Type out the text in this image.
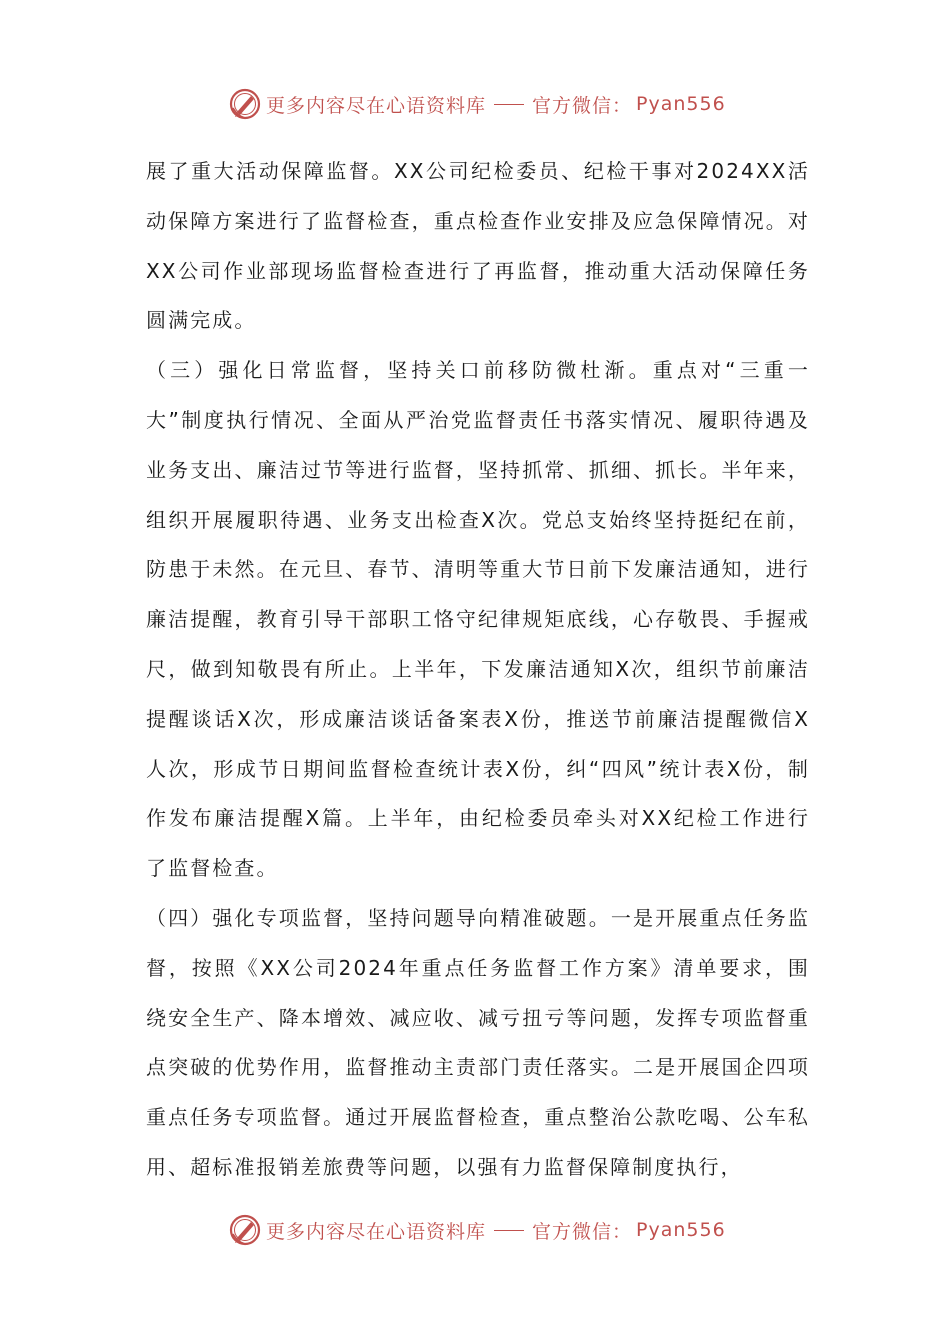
更多内容尽在心语资料库 官方微信： Pyan556

展了重大活动保障监督。XX公司纪检委员、纪检干事对2024XX活动保障方案进行了监督检查，重点检查作业安排及应急保障情况。对XX公司作业部现场监督检查进行了再监督，推动重大活动保障任务圆满完成。

（三）强化日常监督，坚持关口前移防微杜渐。重点对“三重一大”制度执行情况、全面从严治党监督责任书落实情况、履职待遇及业务支出、廉洁过节等进行监督，坚持抓常、抓细、抓长。半年来，组织开展履职待遇、业务支出检查X次。党总支始终坚持挺纪在前，防患于未然。在元旦、春节、清明等重大节日前下发廉洁通知，进行廉洁提醒，教育引导干部职工恪守纪律规矩底线，心存敬畏、手握戒尺，做到知敬畏有所止。上半年，下发廉洁通知X次，组织节前廉洁提醒谈话X次，形成廉洁谈话备案表X份，推送节前廉洁提醒微信X人次，形成节日期间监督检查统计表X份，纠“四风”统计表X份，制作发布廉洁提醒X篇。上半年，由纪检委员牵头对XX纪检工作进行了监督检查。

（四）强化专项监督，坚持问题导向精准破题。一是开展重点任务监督，按照《XX公司2024年重点任务监督工作方案》清单要求，围绕安全生产、降本增效、减应收、减亏扭亏等问题，发挥专项监督重点突破的优势作用，监督推动主责部门责任落实。二是开展国企四项重点任务专项监督。通过开展监督检查，重点整治公款吃喝、公车私用、超标准报销差旅费等问题，以强有力监督保障制度执行，

更多内容尽在心语资料库 官方微信： Pyan556
